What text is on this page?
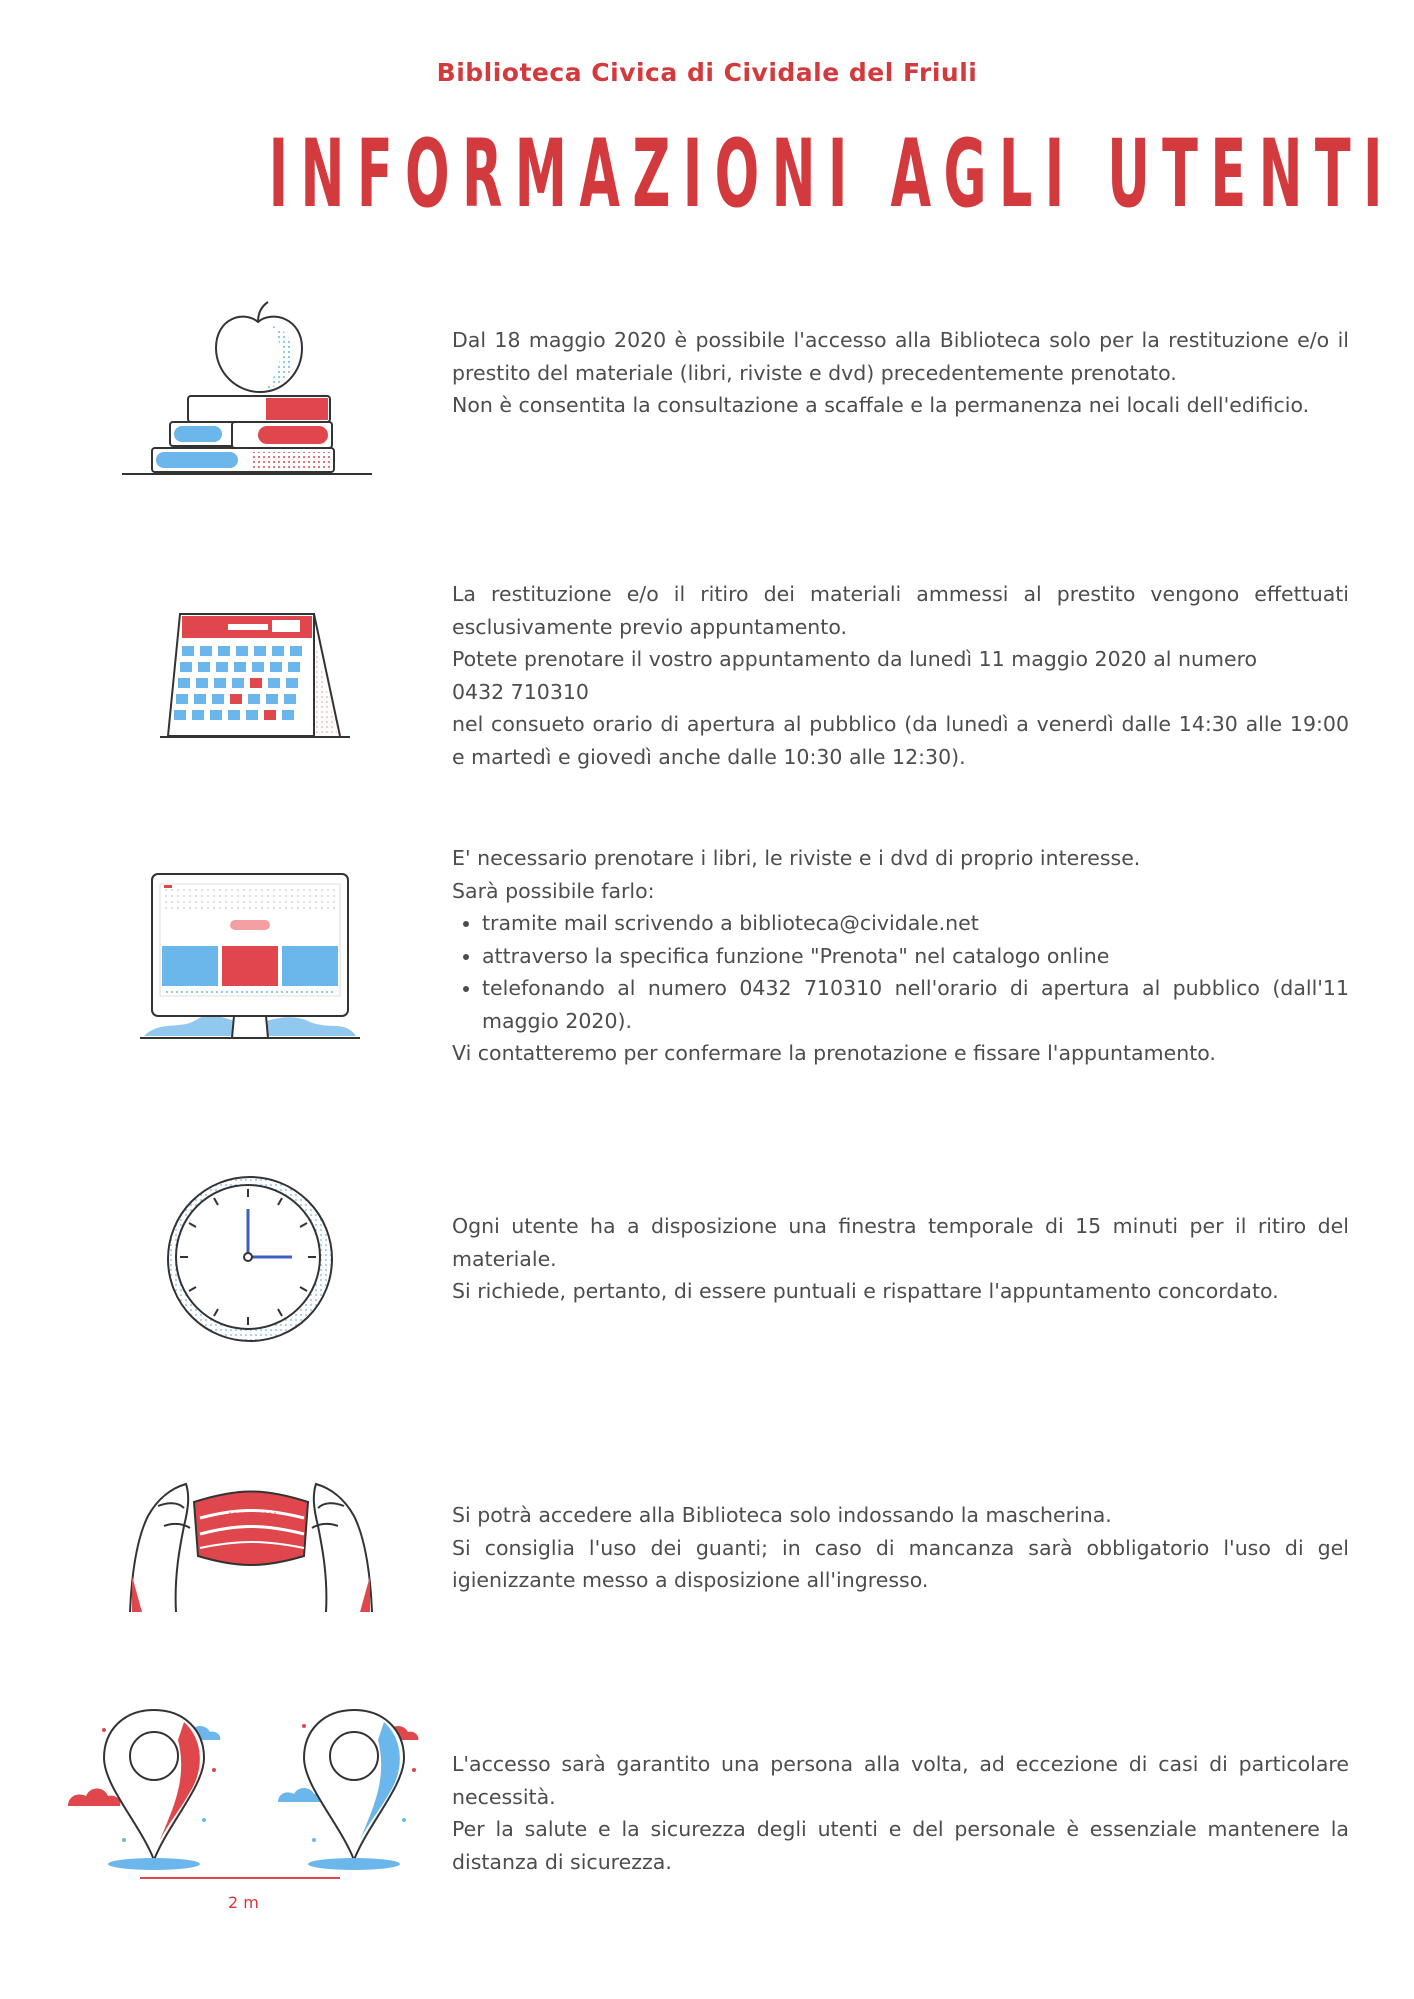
Biblioteca Civica di Cividale del Friuli
INFORMAZIONI AGLI UTENTI

Dal 18 maggio 2020 è possibile l'accesso alla Biblioteca solo per la restituzione e/o il prestito del materiale (libri, riviste e dvd) precedentemente prenotato.

Non è consentita la consultazione a scaffale e la permanenza nei locali dell'edificio.

La restituzione e/o il ritiro dei materiali ammessi al prestito vengono effettuati esclusivamente previo appuntamento.

Potete prenotare il vostro appuntamento da lunedì 11 maggio 2020 al numero

0432 710310

nel consueto orario di apertura al pubblico (da lunedì a venerdì dalle 14:30 alle 19:00 e martedì e giovedì anche dalle 10:30 alle 12:30).

E' necessario prenotare i libri, le riviste e i dvd di proprio interesse.

Sarà possibile farlo:

• tramite mail scrivendo a biblioteca@cividale.net
• attraverso la specifica funzione "Prenota" nel catalogo online
• telefonando al numero 0432 710310 nell'orario di apertura al pubblico (dall'11 maggio 2020).

Vi contatteremo per confermare la prenotazione e fissare l'appuntamento.

Ogni utente ha a disposizione una finestra temporale di 15 minuti per il ritiro del materiale.

Si richiede, pertanto, di essere puntuali e rispattare l'appuntamento concordato.

Si potrà accedere alla Biblioteca solo indossando la mascherina.

Si consiglia l'uso dei guanti; in caso di mancanza sarà obbligatorio l'uso di gel igienizzante messo a disposizione all'ingresso.

2 m

L'accesso sarà garantito una persona alla volta, ad eccezione di casi di particolare necessità.

Per la salute e la sicurezza degli utenti e del personale è essenziale mantenere la distanza di sicurezza.
